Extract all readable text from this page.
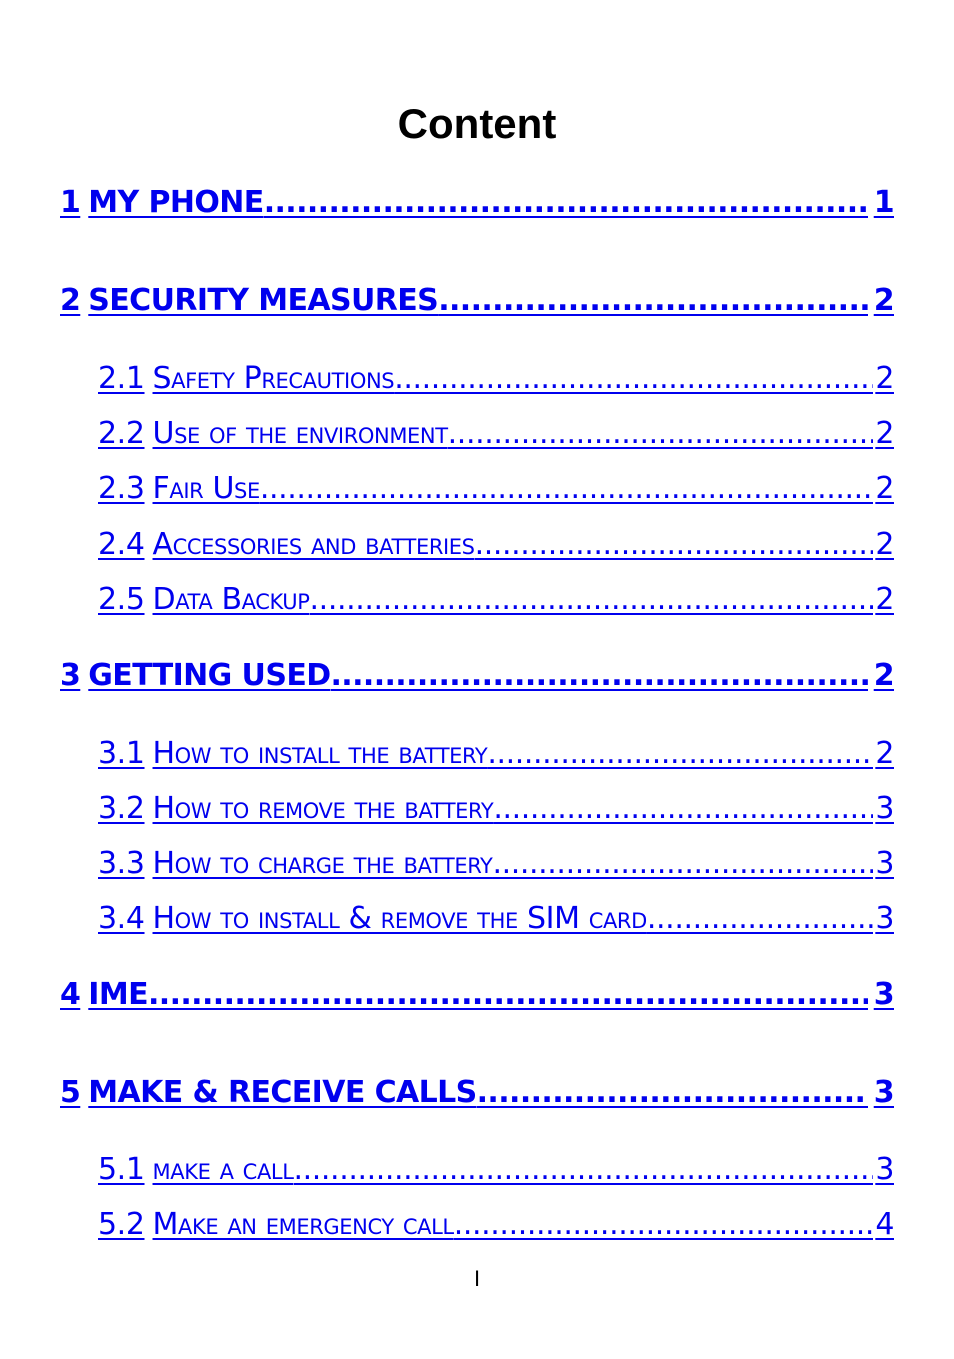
Content
1 MY PHONE .....	1
2 SECURITY MEASURES .....	2
2.1 Safety Precautions .....	2
2.2 Use of the environment .....	2
2.3 Fair Use .....	2
2.4 Accessories and batteries .....	2
2.5 Data Backup .....	2
3 GETTING USED .....	2
3.1 How to install the battery .....	2
3.2 How to remove the battery .....	3
3.3 How to charge the battery .....	3
3.4 How to install & remove the SIM card .....	3
4 IME .....	3
5 MAKE & RECEIVE CALLS .....	3
5.1 make a call .....	3
5.2 Make an emergency call .....	4
I
